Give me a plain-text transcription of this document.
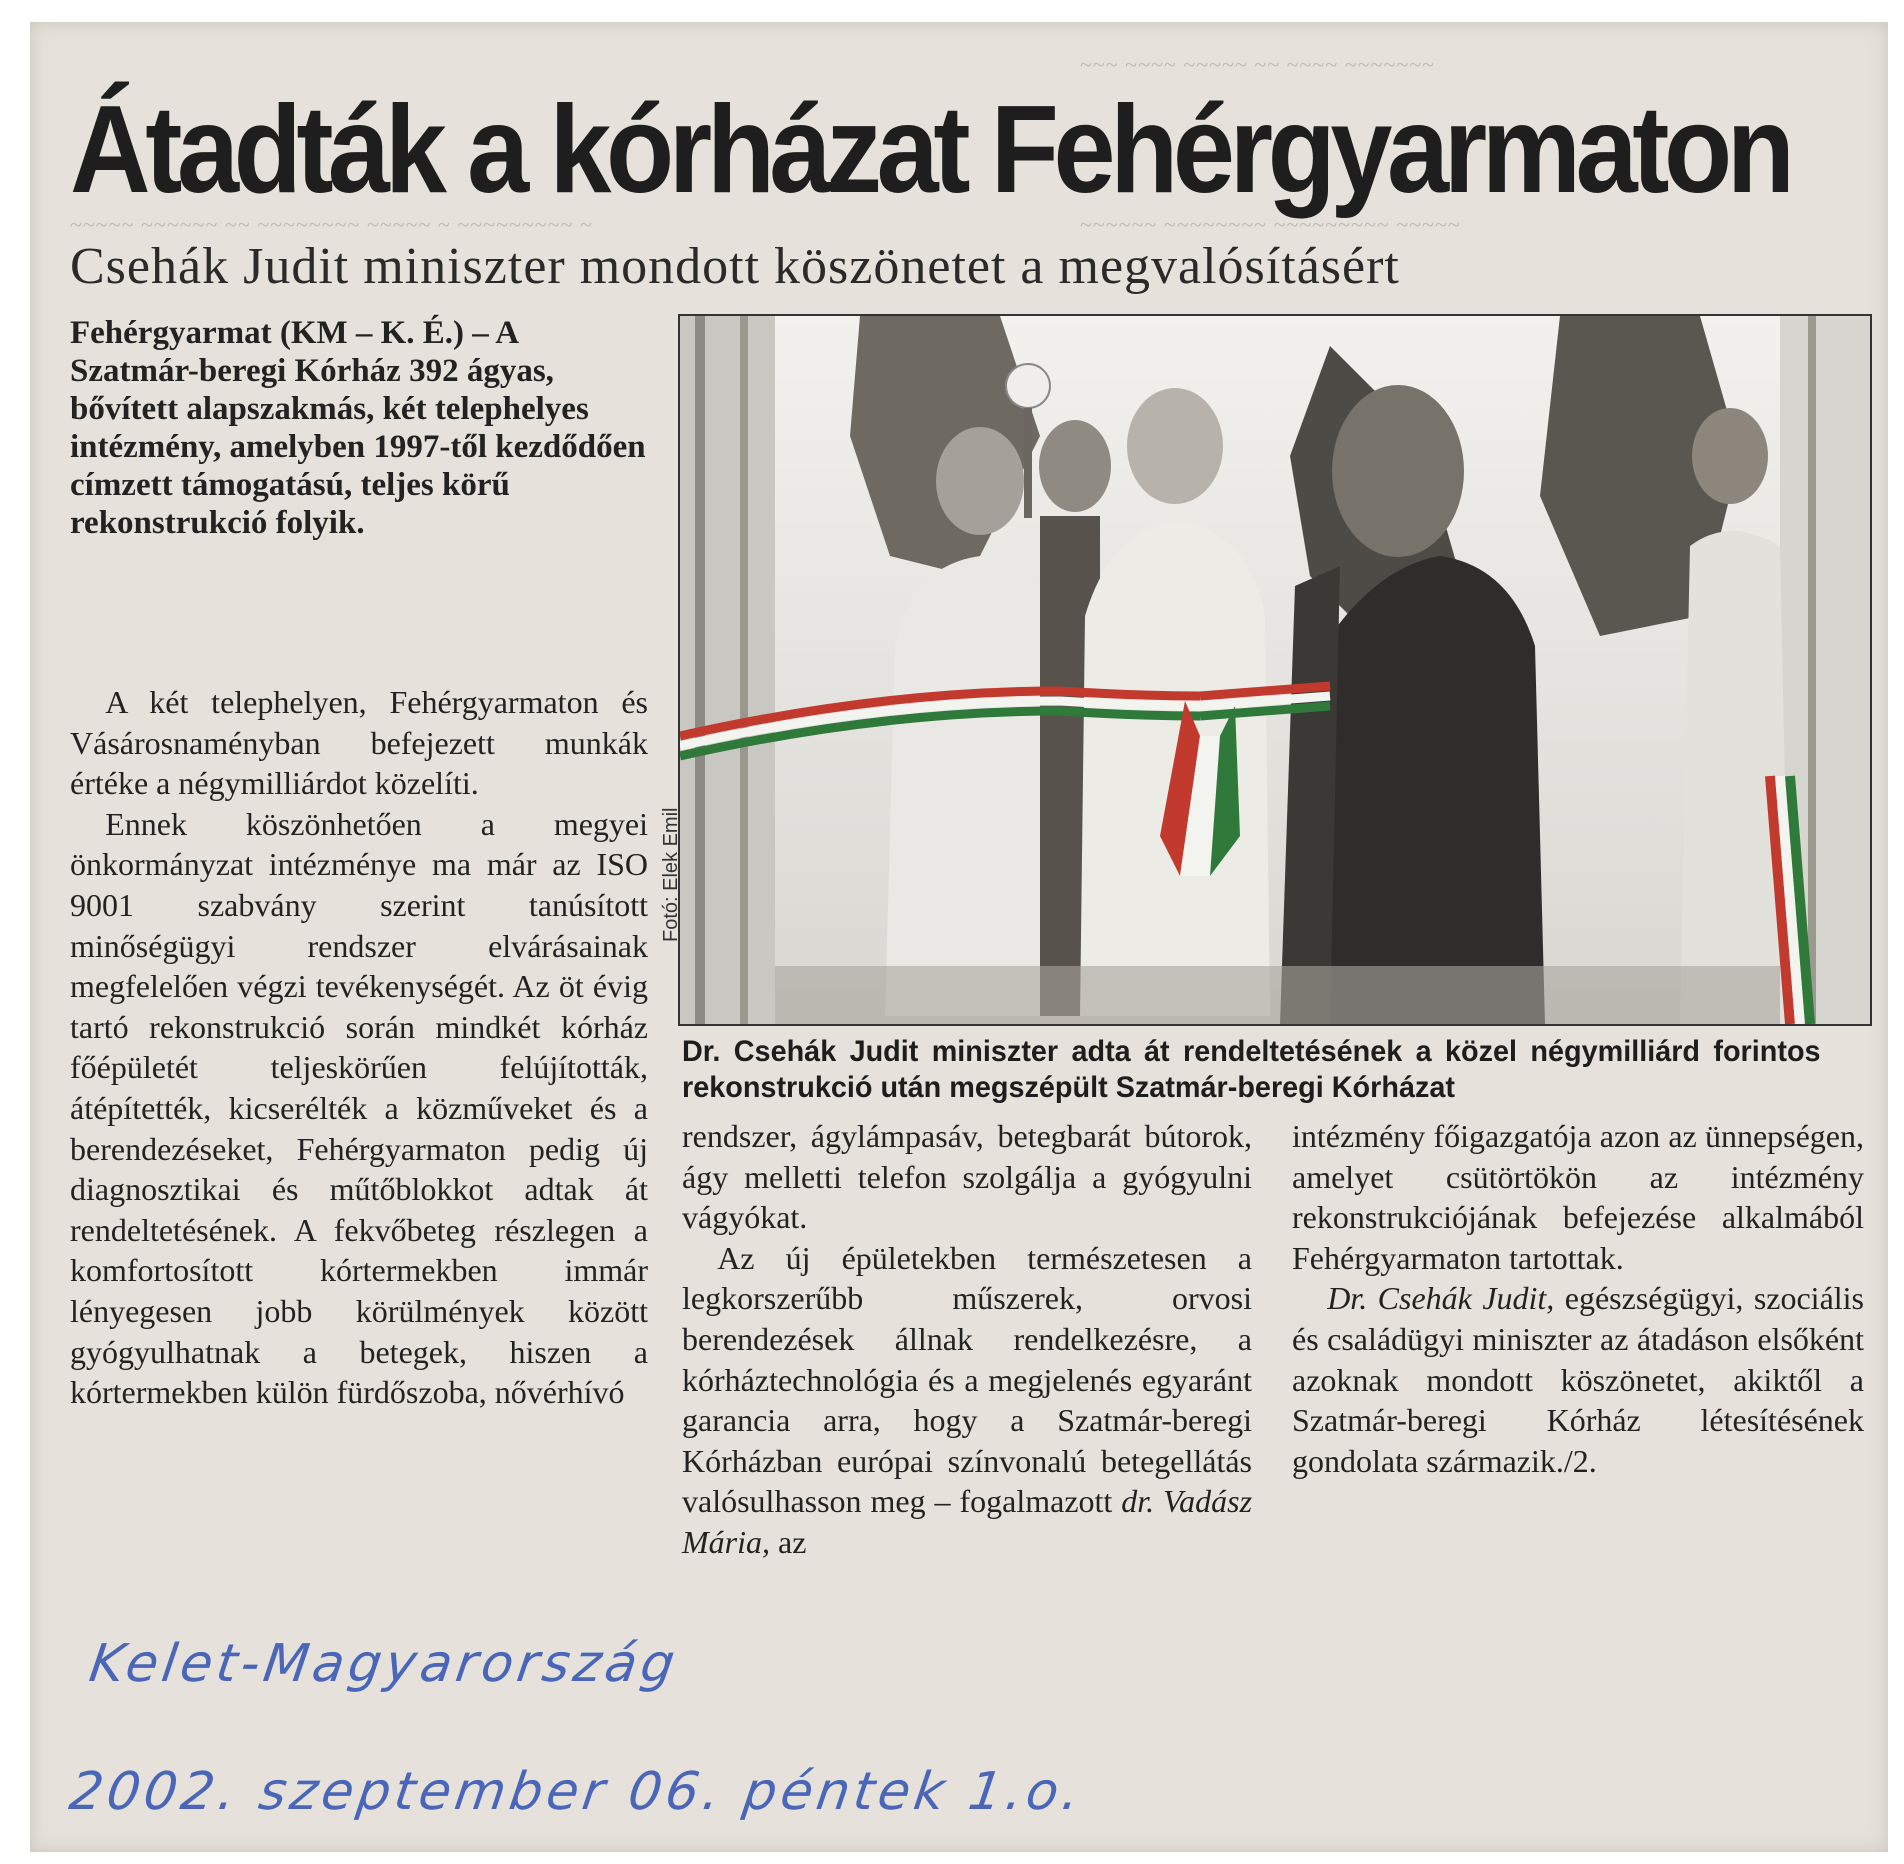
~~~ ~~~~ ~~~~~ ~~ ~~~~ ~~~~~~~
~~~~~ ~~~~~~ ~~ ~~~~~~~~ ~~~~~ ~ ~~~~~~~~~ ~	~~~~~~ ~~~~~~~~ ~~~~~~~~~ ~~~~~
Átadták a kórházat Fehérgyarmaton
Csehák Judit miniszter mondott köszönetet a megvalósításért

Fehérgyarmat (KM – K. É.) – A Szatmár-beregi Kórház 392 ágyas, bővített alapszakmás, két telephelyes intézmény, amelyben 1997-től kezdődően címzett támogatású, teljes körű rekonstrukció folyik.

A két telephelyen, Fehérgyarmaton és Vásárosnaményban befejezett munkák értéke a négymilliárdot közelíti.

Ennek köszönhetően a megyei önkormányzat intézménye ma már az ISO 9001 szabvány szerint tanúsított minőségügyi rendszer elvárásainak megfelelően végzi tevékenységét. Az öt évig tartó rekonstrukció során mindkét kórház főépületét teljeskörűen felújították, átépítették, kicserélték a közműveket és a berendezéseket, Fehérgyarmaton pedig új diagnosztikai és műtőblokkot adtak át rendeltetésének. A fekvőbeteg részlegen a komfortosított kórtermekben immár lényegesen jobb körülmények között gyógyulhatnak a betegek, hiszen a kórtermekben külön fürdőszoba, nővérhívó

Fotó: Elek Emil
Dr. Csehák Judit miniszter adta át rendeltetésének a közel négymilliárd forintos rekonstrukció után megszépült Szatmár-beregi Kórházat

rendszer, ágylámpasáv, betegbarát bútorok, ágy melletti telefon szolgálja a gyógyulni vágyókat.

Az új épületekben természetesen a legkorszerűbb műszerek, orvosi berendezések állnak rendelkezésre, a kórháztechnológia és a megjelenés egyaránt garancia arra, hogy a Szatmár-beregi Kórházban európai színvonalú betegellátás valósulhasson meg – fogalmazott dr. Vadász Mária, az

intézmény főigazgatója azon az ünnepségen, amelyet csütörtökön az intézmény rekonstrukciójának befejezése alkalmából Fehérgyarmaton tartottak.

Dr. Csehák Judit, egészségügyi, szociális és családügyi miniszter az átadáson elsőként azoknak mondott köszönetet, akiktől a Szatmár-beregi Kórház létesítésének gondolata származik./2.

Kelet-Magyarország
2002. szeptember 06. péntek 1.o.
